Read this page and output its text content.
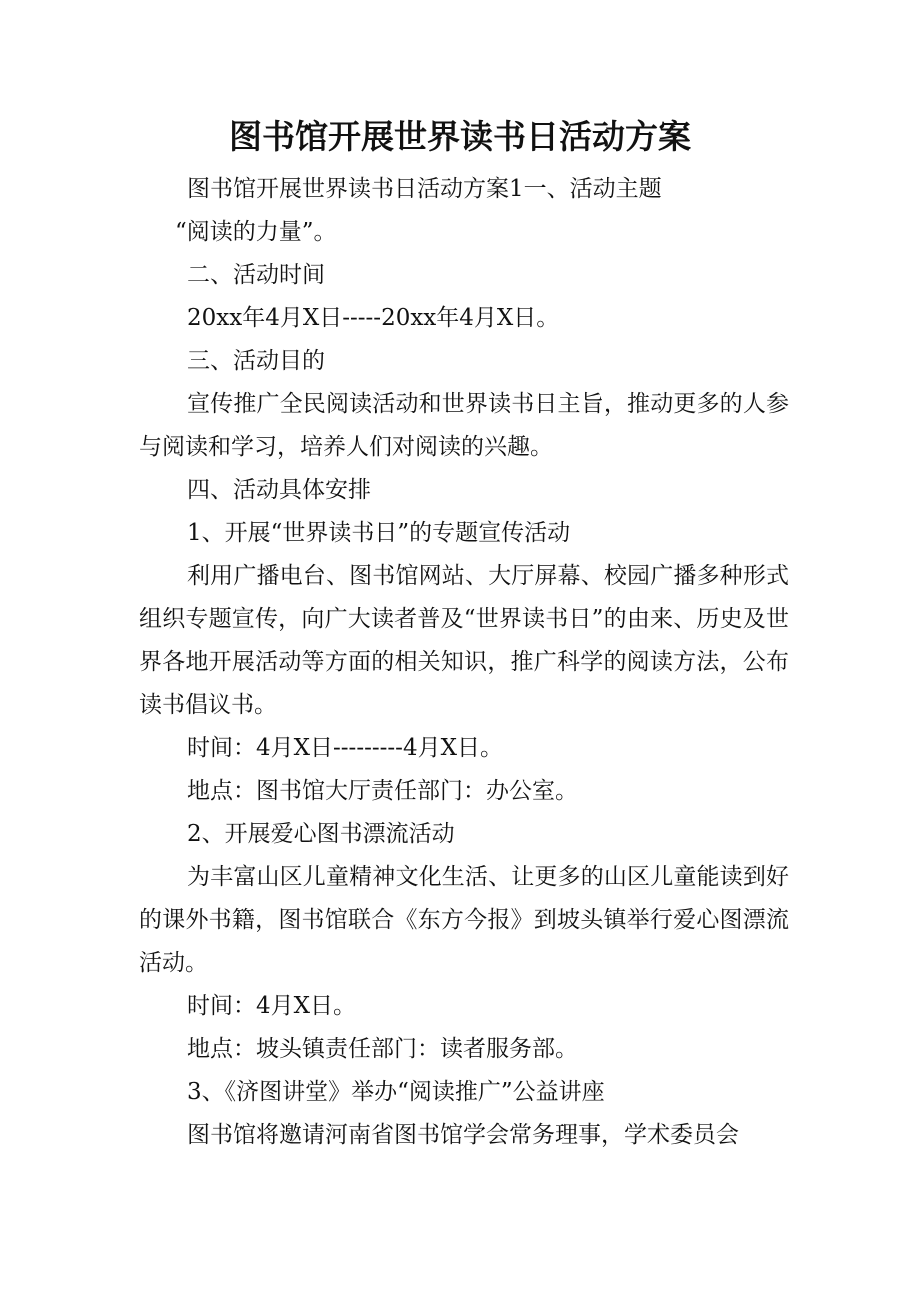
图书馆开展世界读书日活动方案

图书馆开展世界读书日活动方案1一、活动主题

“阅读的力量”。

二、活动时间

20xx年4月X日-----20xx年4月X日。

三、活动目的

宣传推广全民阅读活动和世界读书日主旨，推动更多的人参与阅读和学习，培养人们对阅读的兴趣。

四、活动具体安排

1、开展“世界读书日”的专题宣传活动

利用广播电台、图书馆网站、大厅屏幕、校园广播多种形式组织专题宣传，向广大读者普及“世界读书日”的由来、历史及世界各地开展活动等方面的相关知识，推广科学的阅读方法，公布读书倡议书。

时间：4月X日---------4月X日。

地点：图书馆大厅责任部门：办公室。

2、开展爱心图书漂流活动

为丰富山区儿童精神文化生活、让更多的山区儿童能读到好的课外书籍，图书馆联合《东方今报》到坡头镇举行爱心图漂流活动。

时间：4月X日。

地点：坡头镇责任部门：读者服务部。

3、《济图讲堂》举办“阅读推广”公益讲座

图书馆将邀请河南省图书馆学会常务理事，学术委员会
